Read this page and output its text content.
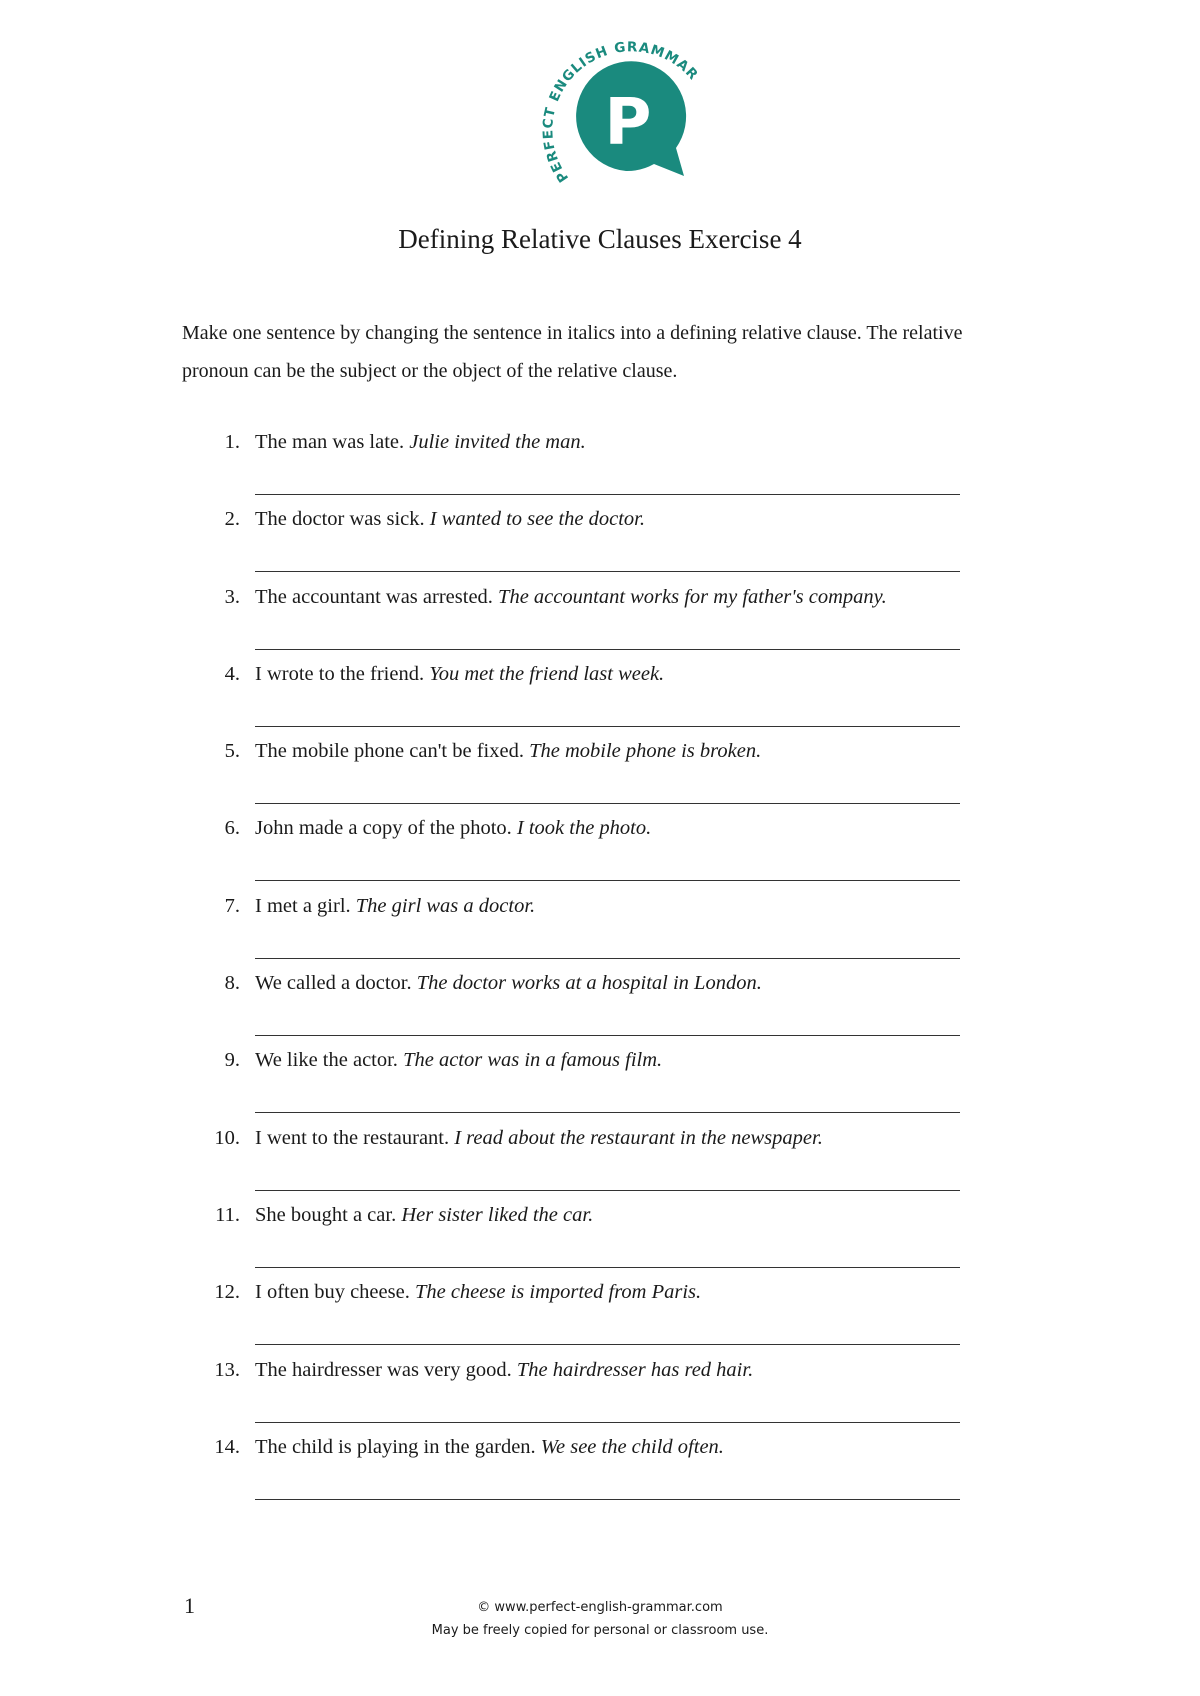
PERFECT ENGLISH GRAMMAR
P
Defining Relative Clauses Exercise 4
Make one sentence by changing the sentence in italics into a defining relative clause. The relative pronoun can be the subject or the object of the relative clause.
1. The man was late. Julie invited the man.
2. The doctor was sick. I wanted to see the doctor.
3. The accountant was arrested. The accountant works for my father's company.
4. I wrote to the friend. You met the friend last week.
5. The mobile phone can't be fixed. The mobile phone is broken.
6. John made a copy of the photo. I took the photo.
7. I met a girl. The girl was a doctor.
8. We called a doctor. The doctor works at a hospital in London.
9. We like the actor. The actor was in a famous film.
10. I went to the restaurant. I read about the restaurant in the newspaper.
11. She bought a car. Her sister liked the car.
12. I often buy cheese. The cheese is imported from Paris.
13. The hairdresser was very good. The hairdresser has red hair.
14. The child is playing in the garden. We see the child often.
1	© www.perfect-english-grammar.com
May be freely copied for personal or classroom use.
